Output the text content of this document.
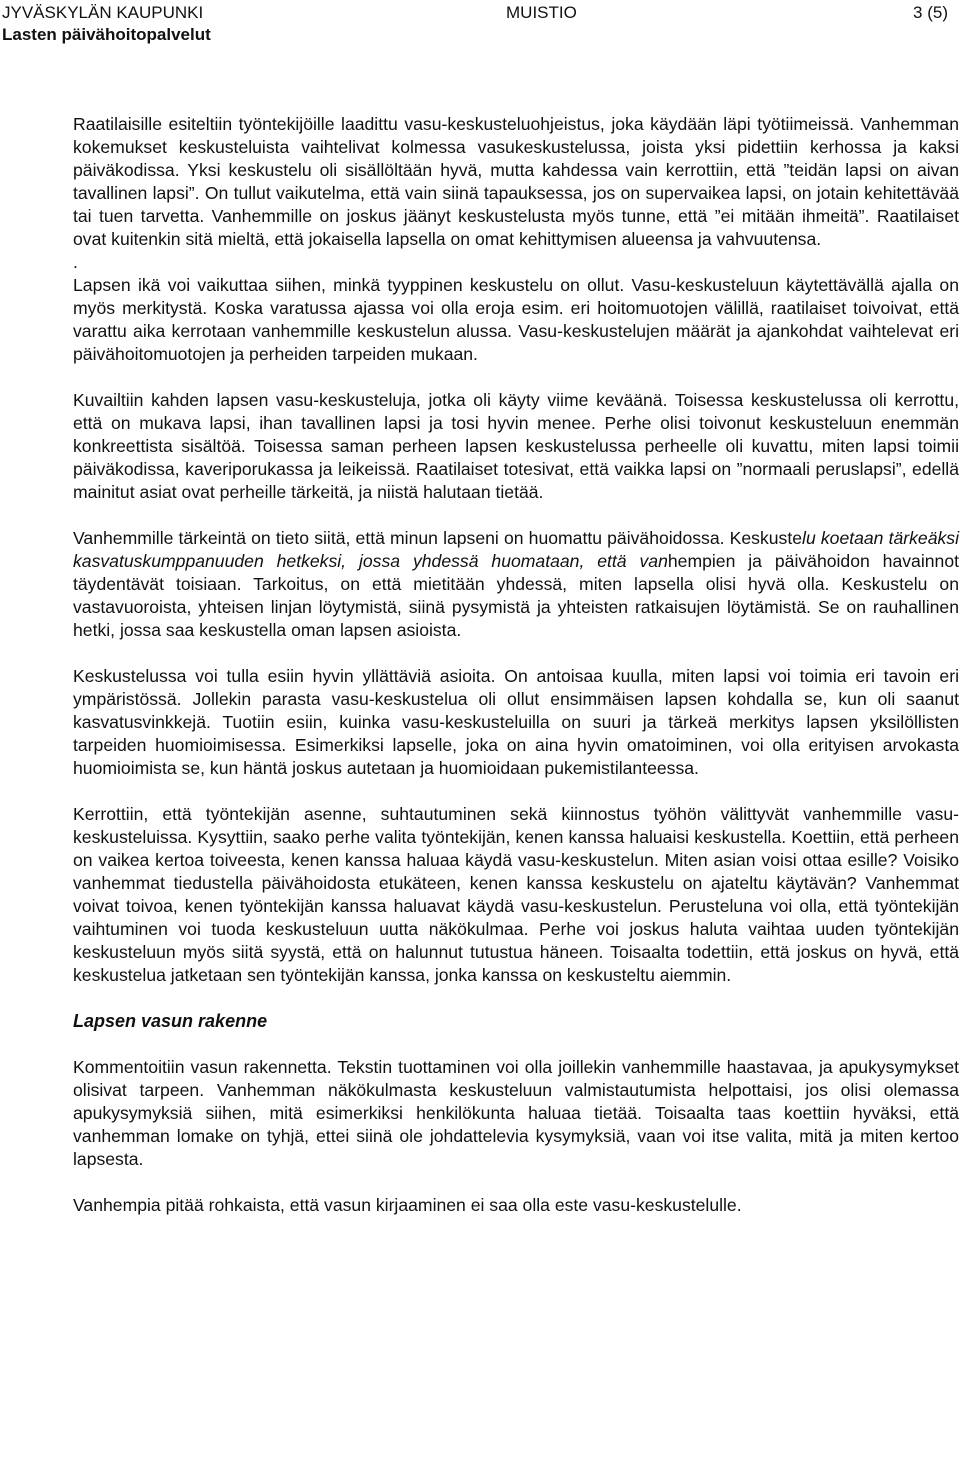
JYVÄSKYLÄN KAUPUNKI
Lasten päivähoitopalvelut
MUISTIO	3 (5)

Raatilaisille esiteltiin työntekijöille laadittu vasu-keskusteluohjeistus, joka käydään läpi työtiimeissä. Vanhemman kokemukset keskusteluista vaihtelivat kolmessa vasukeskustelussa, joista yksi pidettiin kerhossa ja kaksi päiväkodissa. Yksi keskustelu oli sisällöltään hyvä, mutta kahdessa vain kerrottiin, että ”teidän lapsi on aivan tavallinen lapsi”. On tullut vaikutelma, että vain siinä tapauksessa, jos on supervaikea lapsi, on jotain kehitettävää tai tuen tarvetta. Vanhemmille on joskus jäänyt keskustelusta myös tunne, että ”ei mitään ihmeitä”. Raatilaiset ovat kuitenkin sitä mieltä, että jokaisella lapsella on omat kehittymisen alueensa ja vahvuutensa.

.

Lapsen ikä voi vaikuttaa siihen, minkä tyyppinen keskustelu on ollut. Vasu-keskusteluun käytettävällä ajalla on myös merkitystä. Koska varatussa ajassa voi olla eroja esim. eri hoitomuotojen välillä, raatilaiset toivoivat, että varattu aika kerrotaan vanhemmille keskustelun alussa. Vasu-keskustelujen määrät ja ajankohdat vaihtelevat eri päivähoitomuotojen ja perheiden tarpeiden mukaan.

Kuvailtiin kahden lapsen vasu-keskusteluja, jotka oli käyty viime keväänä. Toisessa keskustelussa oli kerrottu, että on mukava lapsi, ihan tavallinen lapsi ja tosi hyvin menee. Perhe olisi toivonut keskusteluun enemmän konkreettista sisältöä. Toisessa saman perheen lapsen keskustelussa perheelle oli kuvattu, miten lapsi toimii päiväkodissa, kaveriporukassa ja leikeissä. Raatilaiset totesivat, että vaikka lapsi on ”normaali peruslapsi”, edellä mainitut asiat ovat perheille tärkeitä, ja niistä halutaan tietää.

Vanhemmille tärkeintä on tieto siitä, että minun lapseni on huomattu päivähoidossa. Keskustelu koetaan tärkeäksi kasvatuskumppanuuden hetkeksi, jossa yhdessä huomataan, että vanhempien ja päivähoidon havainnot täydentävät toisiaan. Tarkoitus, on että mietitään yhdessä, miten lapsella olisi hyvä olla. Keskustelu on vastavuoroista, yhteisen linjan löytymistä, siinä pysymistä ja yhteisten ratkaisujen löytämistä. Se on rauhallinen hetki, jossa saa keskustella oman lapsen asioista.

Keskustelussa voi tulla esiin hyvin yllättäviä asioita. On antoisaa kuulla, miten lapsi voi toimia eri tavoin eri ympäristössä. Jollekin parasta vasu-keskustelua oli ollut ensimmäisen lapsen kohdalla se, kun oli saanut kasvatusvinkkejä. Tuotiin esiin, kuinka vasu-keskusteluilla on suuri ja tärkeä merkitys lapsen yksilöllisten tarpeiden huomioimisessa. Esimerkiksi lapselle, joka on aina hyvin omatoiminen, voi olla erityisen arvokasta huomioimista se, kun häntä joskus autetaan ja huomioidaan pukemistilanteessa.

Kerrottiin, että työntekijän asenne, suhtautuminen sekä kiinnostus työhön välittyvät vanhemmille vasu-keskusteluissa. Kysyttiin, saako perhe valita työntekijän, kenen kanssa haluaisi keskustella. Koettiin, että perheen on vaikea kertoa toiveesta, kenen kanssa haluaa käydä vasu-keskustelun. Miten asian voisi ottaa esille? Voisiko vanhemmat tiedustella päivähoidosta etukäteen, kenen kanssa keskustelu on ajateltu käytävän? Vanhemmat voivat toivoa, kenen työntekijän kanssa haluavat käydä vasu-keskustelun. Perusteluna voi olla, että työntekijän vaihtuminen voi tuoda keskusteluun uutta näkökulmaa. Perhe voi joskus haluta vaihtaa uuden työntekijän keskusteluun myös siitä syystä, että on halunnut tutustua häneen. Toisaalta todettiin, että joskus on hyvä, että keskustelua jatketaan sen työntekijän kanssa, jonka kanssa on keskusteltu aiemmin.

Lapsen vasun rakenne

Kommentoitiin vasun rakennetta. Tekstin tuottaminen voi olla joillekin vanhemmille haastavaa, ja apukysymykset olisivat tarpeen. Vanhemman näkökulmasta keskusteluun valmistautumista helpottaisi, jos olisi olemassa apukysymyksiä siihen, mitä esimerkiksi henkilökunta haluaa tietää. Toisaalta taas koettiin hyväksi, että vanhemman lomake on tyhjä, ettei siinä ole johdattelevia kysymyksiä, vaan voi itse valita, mitä ja miten kertoo lapsesta.

Vanhempia pitää rohkaista, että vasun kirjaaminen ei saa olla este vasu-keskustelulle.
